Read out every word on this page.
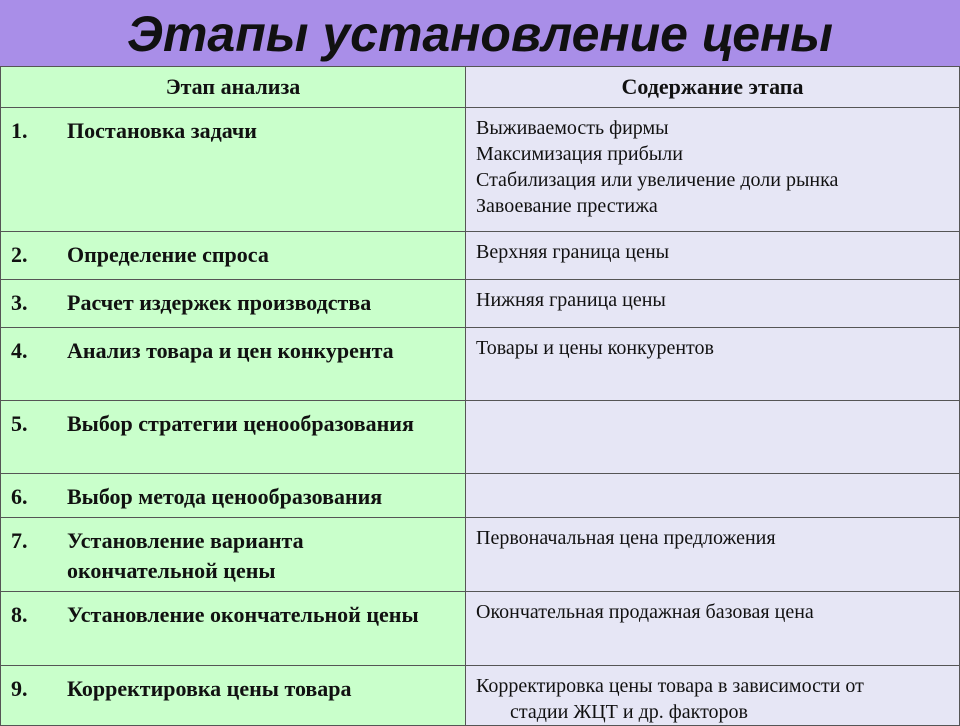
Этапы установление цены
Этап анализа	Содержание этапа

1. Постановка задачи	Выживаемость фирмы
Максимизация прибыли
Стабилизация или увеличение доли рынка
Завоевание престижа

2. Определение спроса	Верхняя граница цены

3. Расчет издержек производства	Нижняя граница цены

4. Анализ товара и цен конкурента	Товары и цены конкурентов

5. Выбор стратегии ценообразования	

6. Выбор метода ценообразования	

7. Установление варианта окончательной цены	Первоначальная цена предложения

8. Установление окончательной цены	Окончательная продажная базовая цена

9. Корректировка цены товара	Корректировка цены товара в зависимости от
стадии ЖЦТ и др. факторов
